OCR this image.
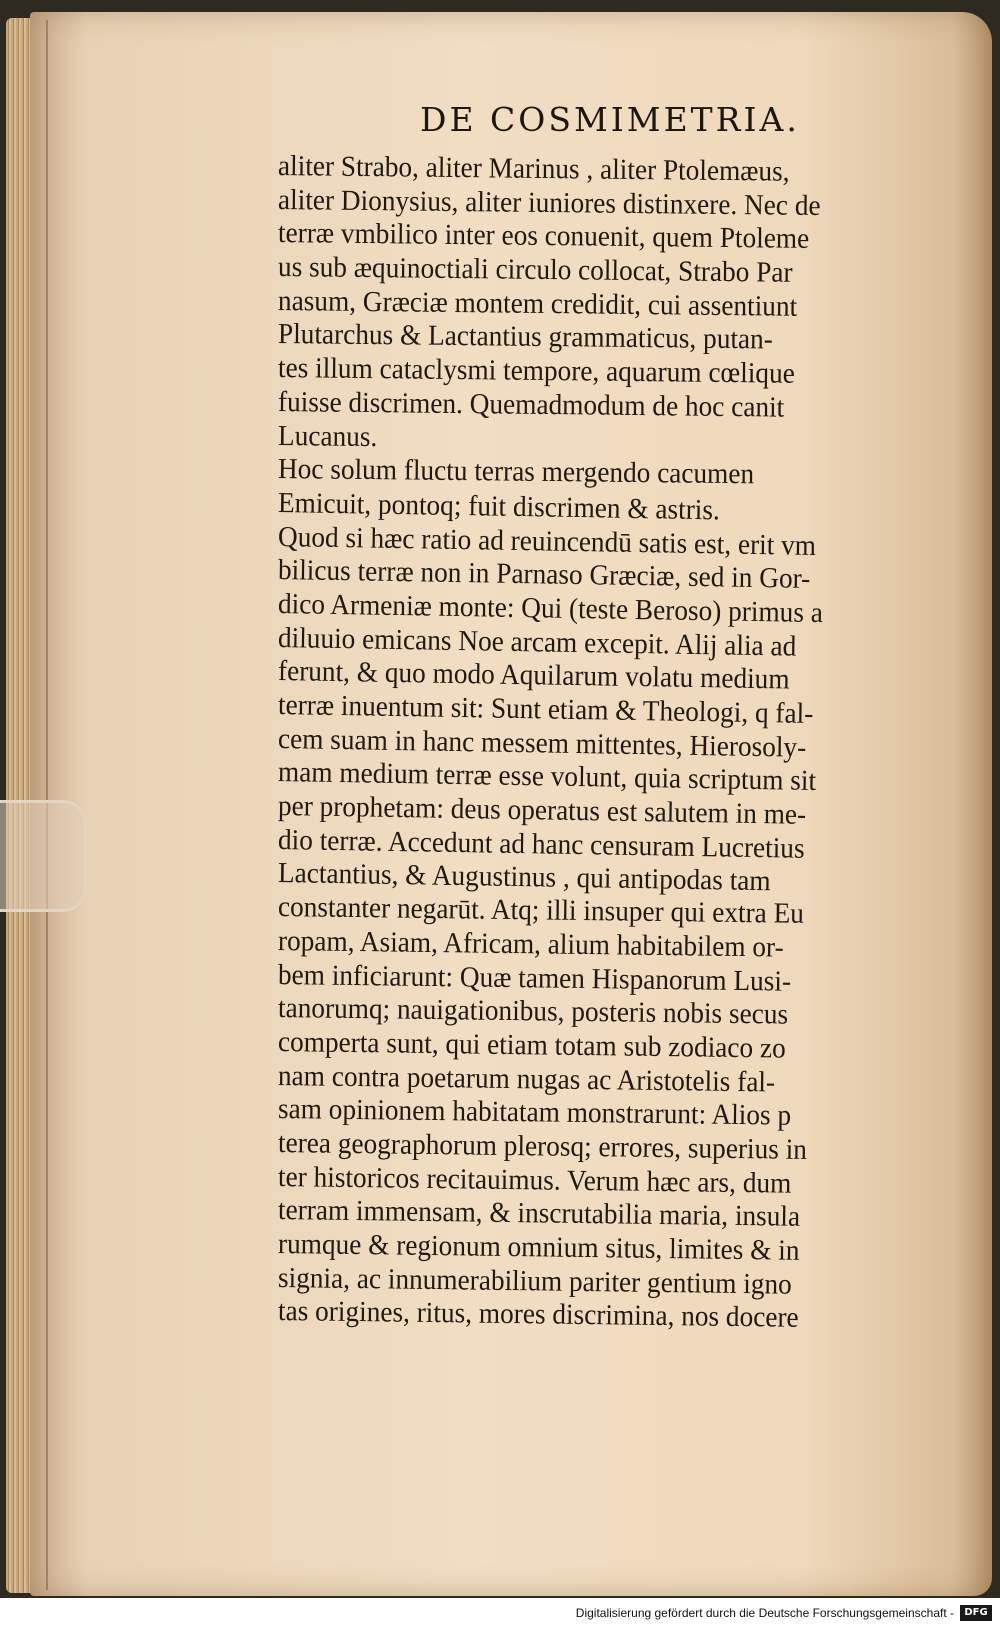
DE COSMIMETRIA.
aliter Strabo, aliter Marinus , aliter Ptolemæus,
aliter Dionysius, aliter iuniores distinxere. Nec de
terræ vmbilico inter eos conuenit, quem Ptoleme
us sub æquinoctiali circulo collocat, Strabo Par
nasum, Græciæ montem credidit, cui assentiunt
Plutarchus & Lactantius grammaticus, putan-
tes illum cataclysmi tempore, aquarum cœlique
fuisse discrimen. Quemadmodum de hoc canit
Lucanus.
Hoc solum fluctu terras mergendo cacumen
Emicuit, pontoq; fuit discrimen & astris.
Quod si hæc ratio ad reuincendū satis est, erit vm
bilicus terræ non in Parnaso Græciæ, sed in Gor-
dico Armeniæ monte: Qui (teste Beroso) primus a
diluuio emicans Noe arcam excepit. Alij alia ad
ferunt, & quo modo Aquilarum volatu medium
terræ inuentum sit: Sunt etiam & Theologi, q fal-
cem suam in hanc messem mittentes, Hierosoly-
mam medium terræ esse volunt, quia scriptum sit
per prophetam: deus operatus est salutem in me-
dio terræ. Accedunt ad hanc censuram Lucretius
Lactantius, & Augustinus , qui antipodas tam
constanter negarūt. Atq; illi insuper qui extra Eu
ropam, Asiam, Africam, alium habitabilem or-
bem inficiarunt: Quæ tamen Hispanorum Lusi-
tanorumq; nauigationibus, posteris nobis secus
comperta sunt, qui etiam totam sub zodiaco zo
nam contra poetarum nugas ac Aristotelis fal-
sam opinionem habitatam monstrarunt: Alios p
terea geographorum plerosq; errores, superius in
ter historicos recitauimus. Verum hæc ars, dum
terram immensam, & inscrutabilia maria, insula
rumque & regionum omnium situs, limites & in
signia, ac innumerabilium pariter gentium igno
tas origines, ritus, mores discrimina, nos docere
Digitalisierung gefördert durch die Deutsche Forschungsgemeinschaft -	DFG
